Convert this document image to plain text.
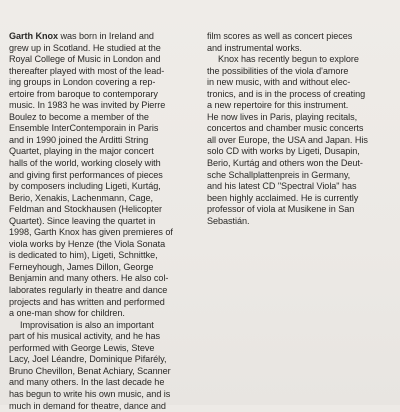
Garth Knox was born in Ireland and
grew up in Scotland. He studied at the
Royal College of Music in London and
thereafter played with most of the lead-
ing groups in London covering a rep-
ertoire from baroque to contemporary
music. In 1983 he was invited by Pierre
Boulez to become a member of the
Ensemble InterContemporain in Paris
and in 1990 joined the Arditti String
Quartet, playing in the major concert
halls of the world, working closely with
and giving first performances of pieces
by composers including Ligeti, Kurtág,
Berio, Xenakis, Lachenmann, Cage,
Feldman and Stockhausen (Helicopter
Quartet). Since leaving the quartet in
1998, Garth Knox has given premieres of
viola works by Henze (the Viola Sonata
is dedicated to him), Ligeti, Schnittke,
Ferneyhough, James Dillon, George
Benjamin and many others. He also col-
laborates regularly in theatre and dance
projects and has written and performed
a one-man show for children.
Improvisation is also an important
part of his musical activity, and he has
performed with George Lewis, Steve
Lacy, Joel Léandre, Dominique Pifarély,
Bruno Chevillon, Benat Achiary, Scanner
and many others. In the last decade he
has begun to write his own music, and is
much in demand for theatre, dance and
film scores as well as concert pieces
and instrumental works.
Knox has recently begun to explore
the possibilities of the viola d'amore
in new music, with and without elec-
tronics, and is in the process of creating
a new repertoire for this instrument.
He now lives in Paris, playing recitals,
concertos and chamber music concerts
all over Europe, the USA and Japan. His
solo CD with works by Ligeti, Dusapin,
Berio, Kurtág and others won the Deut-
sche Schallplattenpreis in Germany,
and his latest CD "Spectral Viola" has
been highly acclaimed. He is currently
professor of viola at Musikene in San
Sebastián.
